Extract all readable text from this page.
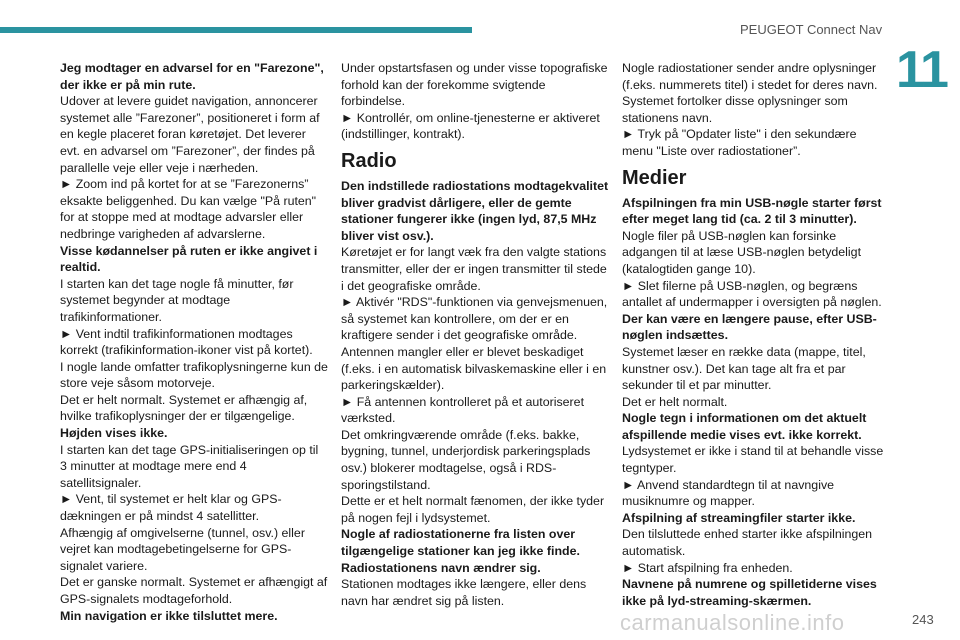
PEUGEOT Connect Nav
11

Jeg modtager en advarsel for en "Farezone", der ikke er på min rute.

Udover at levere guidet navigation, annoncerer systemet alle ”Farezoner”, positioneret i form af en kegle placeret foran køretøjet. Det leverer evt. en advarsel om ”Farezoner”, der findes på parallelle veje eller veje i nærheden.

► Zoom ind på kortet for at se ”Farezonerns” eksakte beliggenhed. Du kan vælge "På ruten" for at stoppe med at modtage advarsler eller nedbringe varigheden af advarslerne.

Visse kødannelser på ruten er ikke angivet i realtid.

I starten kan det tage nogle få minutter, før systemet begynder at modtage trafikinformationer.

► Vent indtil trafikinformationen modtages korrekt (trafikinformation-ikoner vist på kortet).

I nogle lande omfatter trafikoplysningerne kun de store veje såsom motorveje.

Det er helt normalt. Systemet er afhængig af, hvilke trafikoplysninger der er tilgængelige.

Højden vises ikke.

I starten kan det tage GPS-initialiseringen op til 3 minutter at modtage mere end 4 satellitsignaler.

► Vent, til systemet er helt klar og GPS-dækningen er på mindst 4 satellitter.

Afhængig af omgivelserne (tunnel, osv.) eller vejret kan modtagebetingelserne for GPS-signalet variere.

Det er ganske normalt. Systemet er afhængigt af GPS-signalets modtageforhold.

Min navigation er ikke tilsluttet mere.

Under opstartsfasen og under visse topografiske forhold kan der forekomme svigtende forbindelse.

► Kontrollér, om online-tjenesterne er aktiveret (indstillinger, kontrakt).

Radio

Den indstillede radiostations modtagekvalitet bliver gradvist dårligere, eller de gemte stationer fungerer ikke (ingen lyd, 87,5 MHz bliver vist osv.).

Køretøjet er for langt væk fra den valgte stations transmitter, eller der er ingen transmitter til stede i det geografiske område.

► Aktivér "RDS"-funktionen via genvejsmenuen, så systemet kan kontrollere, om der er en kraftigere sender i det geografiske område.

Antennen mangler eller er blevet beskadiget (f.eks. i en automatisk bilvaskemaskine eller i en parkeringskælder).

► Få antennen kontrolleret på et autoriseret værksted.

Det omkringværende område (f.eks. bakke, bygning, tunnel, underjordisk parkeringsplads osv.) blokerer modtagelse, også i RDS-sporingstilstand.

Dette er et helt normalt fænomen, der ikke tyder på nogen fejl i lydsystemet.

Nogle af radiostationerne fra listen over tilgængelige stationer kan jeg ikke finde.

Radiostationens navn ændrer sig.

Stationen modtages ikke længere, eller dens navn har ændret sig på listen.

Nogle radiostationer sender andre oplysninger (f.eks. nummerets titel) i stedet for deres navn.

Systemet fortolker disse oplysninger som stationens navn.

► Tryk på "Opdater liste" i den sekundære menu "Liste over radiostationer”.

Medier

Afspilningen fra min USB-nøgle starter først efter meget lang tid (ca. 2 til 3 minutter).

Nogle filer på USB-nøglen kan forsinke adgangen til at læse USB-nøglen betydeligt (katalogtiden gange 10).

► Slet filerne på USB-nøglen, og begræns antallet af undermapper i oversigten på nøglen.

Der kan være en længere pause, efter USB-nøglen indsættes.

Systemet læser en række data (mappe, titel, kunstner osv.). Det kan tage alt fra et par sekunder til et par minutter.

Det er helt normalt.

Nogle tegn i informationen om det aktuelt afspillende medie vises evt. ikke korrekt.

Lydsystemet er ikke i stand til at behandle visse tegntyper.

► Anvend standardtegn til at navngive musiknumre og mapper.

Afspilning af streamingfiler starter ikke.

Den tilsluttede enhed starter ikke afspilningen automatisk.

► Start afspilning fra enheden.

Navnene på numrene og spilletiderne vises ikke på lyd-streaming-skærmen.

carmanualsonline.info	243
